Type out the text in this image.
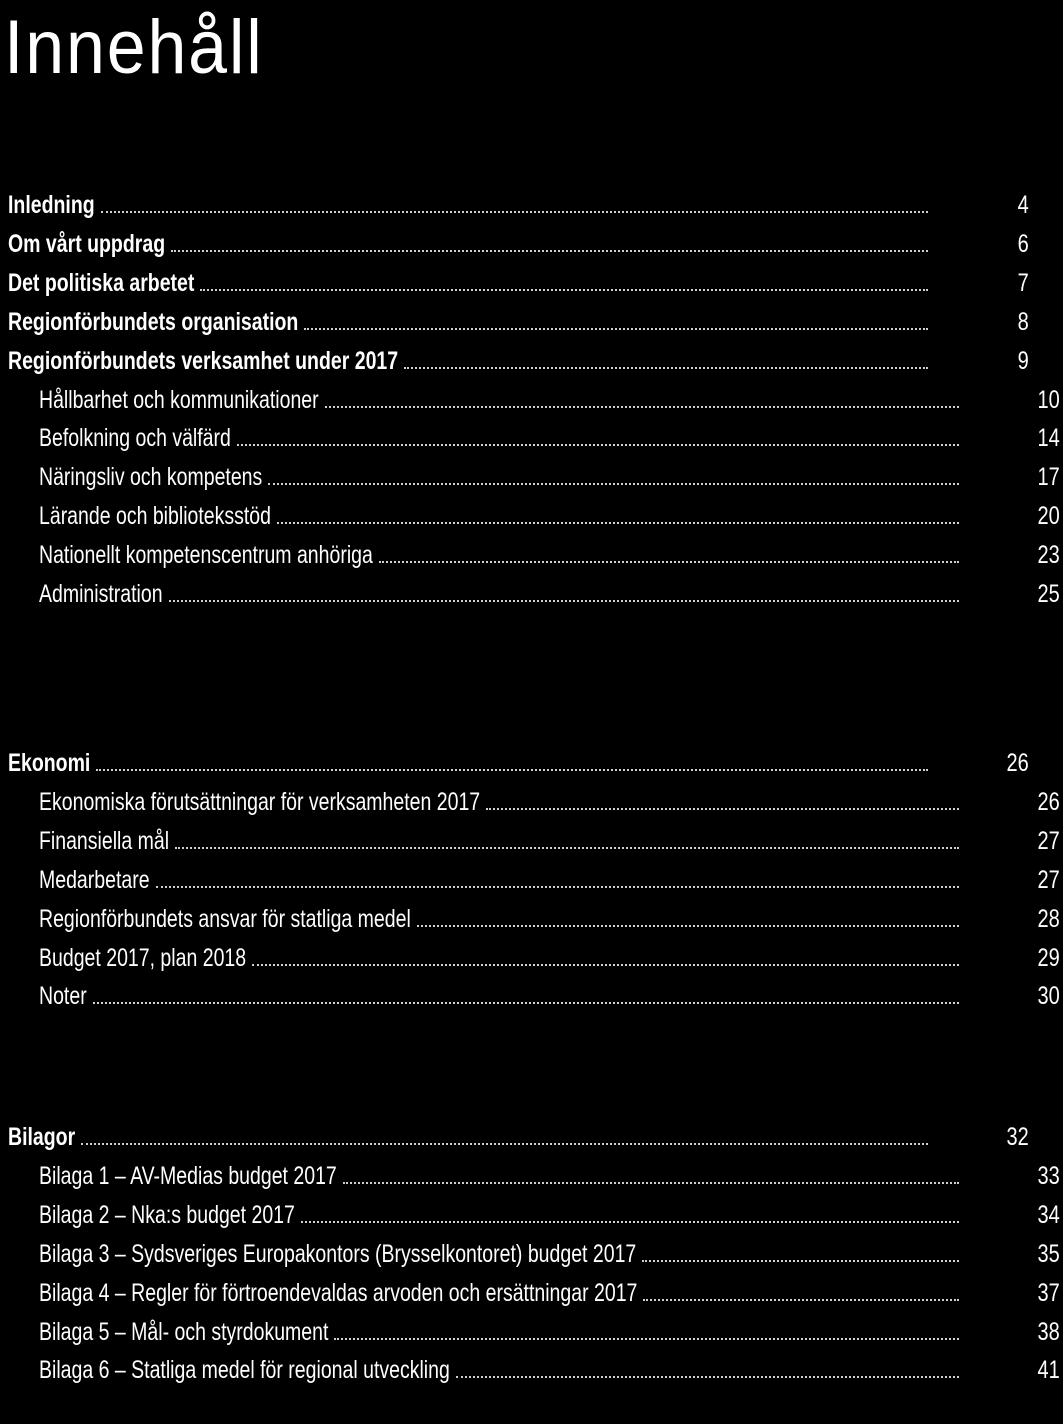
Innehåll
Inledning	4
Om vårt uppdrag	6
Det politiska arbetet	7
Regionförbundets organisation	8
Regionförbundets verksamhet under 2017	9
Hållbarhet och kommunikationer	10
Befolkning och välfärd	14
Näringsliv och kompetens	17
Lärande och biblioteksstöd	20
Nationellt kompetenscentrum anhöriga	23
Administration	25
Ekonomi	26
Ekonomiska förutsättningar för verksamheten 2017	26
Finansiella mål	27
Medarbetare	27
Regionförbundets ansvar för statliga medel	28
Budget 2017, plan 2018	29
Noter	30
Bilagor	32
Bilaga 1 – AV-Medias budget 2017	33
Bilaga 2 – Nka:s budget 2017	34
Bilaga 3 – Sydsveriges Europakontors (Brysselkontoret) budget 2017	35
Bilaga 4 – Regler för förtroendevaldas arvoden och ersättningar 2017	37
Bilaga 5 – Mål- och styrdokument	38
Bilaga 6 – Statliga medel för regional utveckling	41
